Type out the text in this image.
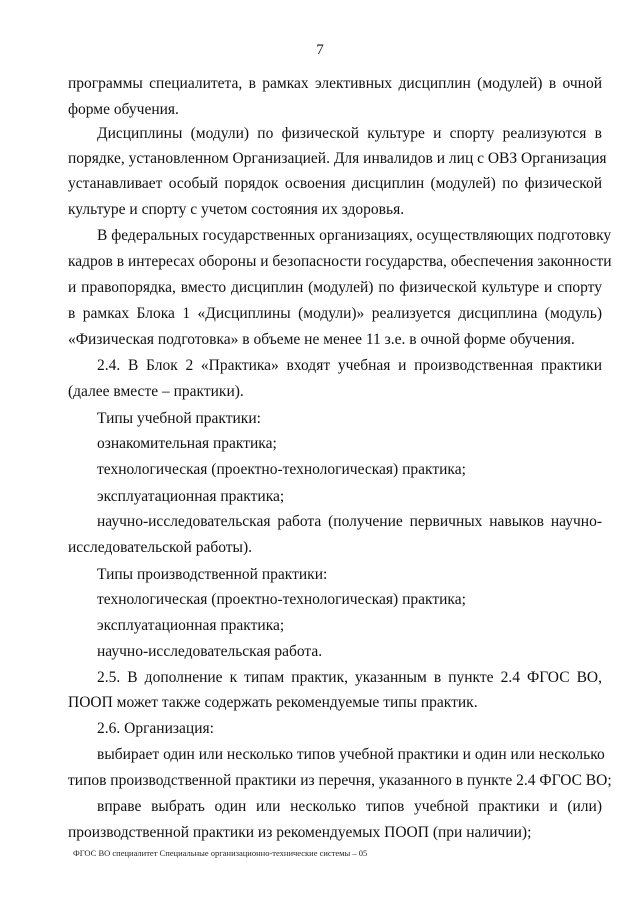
7
программы специалитета, в рамках элективных дисциплин (модулей) в очной
форме обучения.
Дисциплины (модули) по физической культуре и спорту реализуются в
порядке, установленном Организацией. Для инвалидов и лиц с ОВЗ Организация
устанавливает особый порядок освоения дисциплин (модулей) по физической
культуре и спорту с учетом состояния их здоровья.
В федеральных государственных организациях, осуществляющих подготовку
кадров в интересах обороны и безопасности государства, обеспечения законности
и правопорядка, вместо дисциплин (модулей) по физической культуре и спорту
в рамках Блока 1 «Дисциплины (модули)» реализуется дисциплина (модуль)
«Физическая подготовка» в объеме не менее 11 з.е. в очной форме обучения.
2.4. В Блок 2 «Практика» входят учебная и производственная практики
(далее вместе – практики).
Типы учебной практики:
ознакомительная практика;
технологическая (проектно-технологическая) практика;
эксплуатационная практика;
научно-исследовательская работа (получение первичных навыков научно-
исследовательской работы).
Типы производственной практики:
технологическая (проектно-технологическая) практика;
эксплуатационная практика;
научно-исследовательская работа.
2.5. В дополнение к типам практик, указанным в пункте 2.4 ФГОС ВО,
ПООП может также содержать рекомендуемые типы практик.
2.6. Организация:
выбирает один или несколько типов учебной практики и один или несколько
типов производственной практики из перечня, указанного в пункте 2.4 ФГОС ВО;
вправе выбрать один или несколько типов учебной практики и (или)
производственной практики из рекомендуемых ПООП (при наличии);
ФГОС ВО специалитет Специальные организационно-технические системы – 05
